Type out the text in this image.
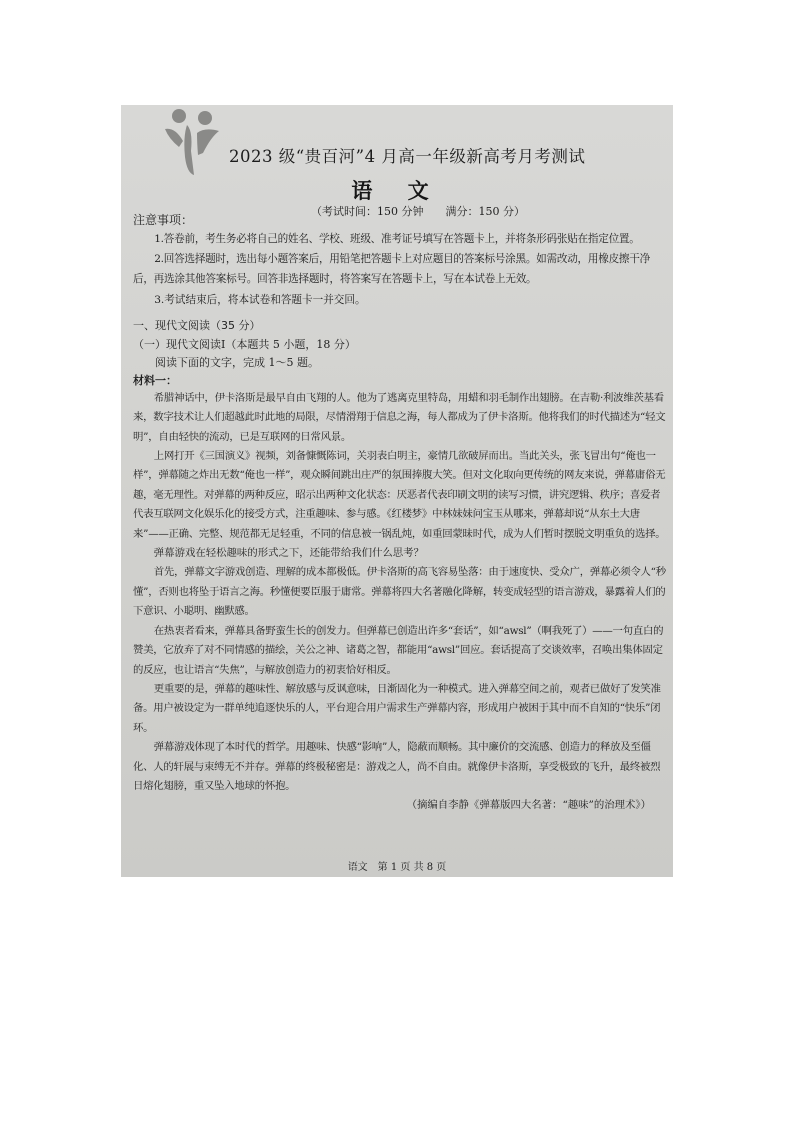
2023 级“贵百河”4 月高一年级新高考月考测试
语 文
（考试时间：150 分钟　　满分：150 分）
注意事项：

1.答卷前，考生务必将自己的姓名、学校、班级、准考证号填写在答题卡上，并将条形码张贴在指定位置。

2.回答选择题时，选出每小题答案后，用铅笔把答题卡上对应题目的答案标号涂黑。如需改动，用橡皮擦干净后，再选涂其他答案标号。回答非选择题时，将答案写在答题卡上，写在本试卷上无效。

3.考试结束后，将本试卷和答题卡一并交回。

一、现代文阅读（35 分）

（一）现代文阅读Ⅰ（本题共 5 小题，18 分）

阅读下面的文字，完成 1～5 题。

材料一：

希腊神话中，伊卡洛斯是最早自由飞翔的人。他为了逃离克里特岛，用蜡和羽毛制作出翅膀。在吉勒·利波维茨基看来，数字技术让人们超越此时此地的局限，尽情滑翔于信息之海，每人都成为了伊卡洛斯。他将我们的时代描述为“轻文明”，自由轻快的流动，已是互联网的日常风景。

上网打开《三国演义》视频，刘备慷慨陈词，关羽表白明主，豪情几欲破屏而出。当此关头，张飞冒出句“俺也一样”，弹幕随之炸出无数“俺也一样”，观众瞬间跳出庄严的氛围捧腹大笑。但对文化取向更传统的网友来说，弹幕庸俗无趣，毫无理性。对弹幕的两种反应，昭示出两种文化状态：厌恶者代表印刷文明的读写习惯，讲究逻辑、秩序；喜爱者代表互联网文化娱乐化的接受方式，注重趣味、参与感。《红楼梦》中林妹妹问宝玉从哪来，弹幕却说“从东土大唐来”——正确、完整、规范都无足轻重，不同的信息被一锅乱炖，如重回蒙昧时代，成为人们暂时摆脱文明重负的选择。

弹幕游戏在轻松趣味的形式之下，还能带给我们什么思考？

首先，弹幕文字游戏创造、理解的成本都极低。伊卡洛斯的高飞容易坠落：由于速度快、受众广，弹幕必须令人“秒懂”，否则也将坠于语言之海。秒懂便要臣服于庸常。弹幕将四大名著融化降解，转变成轻型的语言游戏，暴露着人们的下意识、小聪明、幽默感。

在热衷者看来，弹幕具备野蛮生长的创发力。但弹幕已创造出许多“套话”，如“awsl”（啊我死了）——一句直白的赞美，它放弃了对不同情感的描绘，关公之神、诸葛之智，都能用“awsl”回应。套话提高了交谈效率，召唤出集体固定的反应，也让语言“失焦”，与解放创造力的初衷恰好相反。

更重要的是，弹幕的趣味性、解放感与反讽意味，日渐固化为一种模式。进入弹幕空间之前，观者已做好了发笑准备。用户被设定为一群单纯追逐快乐的人，平台迎合用户需求生产弹幕内容，形成用户被困于其中而不自知的“快乐”闭环。

弹幕游戏体现了本时代的哲学。用趣味、快感“影响”人，隐蔽而顺畅。其中廉价的交流感、创造力的释放及至僵化、人的轩展与束缚无不并存。弹幕的终极秘密是：游戏之人，尚不自由。就像伊卡洛斯，享受极致的飞升，最终被烈日熔化翅膀，重又坠入地球的怀抱。

（摘编自李静《弹幕版四大名著：“趣味”的治理术》）

语文　第 1 页 共 8 页
